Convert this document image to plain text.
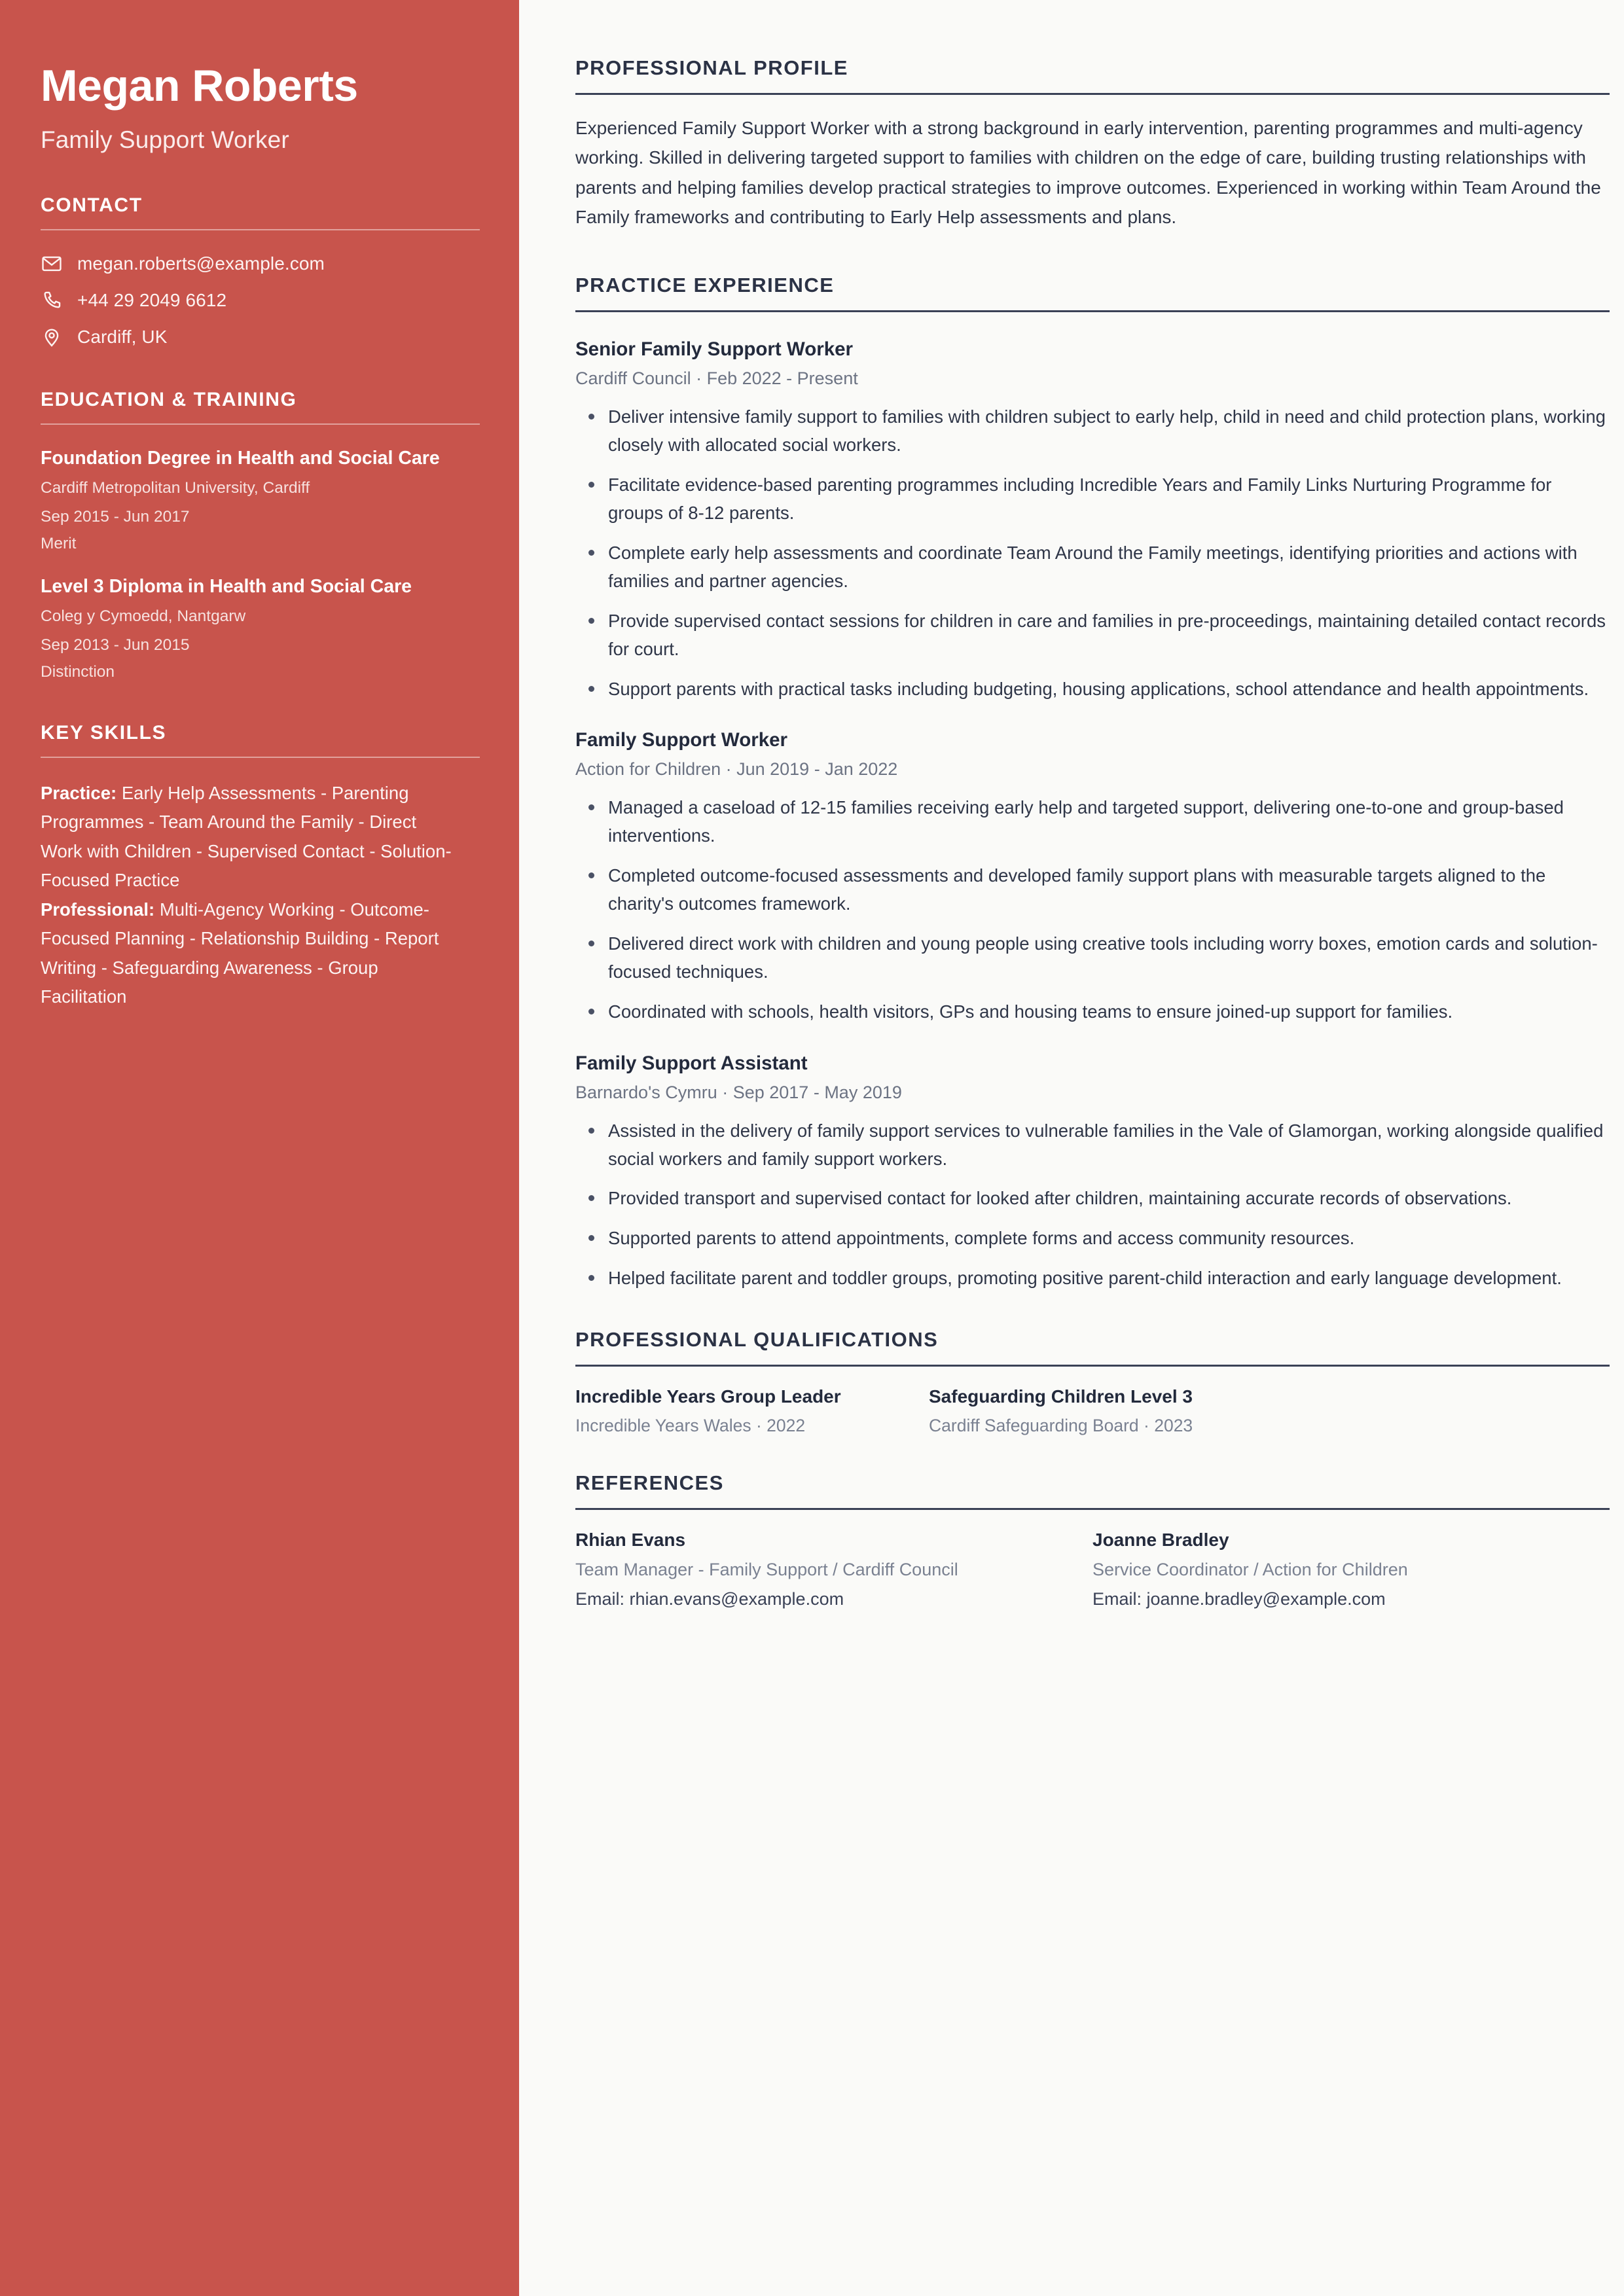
Megan Roberts
Family Support Worker
CONTACT
megan.roberts@example.com
+44 29 2049 6612
Cardiff, UK
EDUCATION & TRAINING
Foundation Degree in Health and Social Care
Cardiff Metropolitan University, Cardiff
Sep 2015 - Jun 2017
Merit
Level 3 Diploma in Health and Social Care
Coleg y Cymoedd, Nantgarw
Sep 2013 - Jun 2015
Distinction
KEY SKILLS
Practice: Early Help Assessments - Parenting Programmes - Team Around the Family - Direct Work with Children - Supervised Contact - Solution-Focused Practice
Professional: Multi-Agency Working - Outcome-Focused Planning - Relationship Building - Report Writing - Safeguarding Awareness - Group Facilitation
PROFESSIONAL PROFILE

Experienced Family Support Worker with a strong background in early intervention, parenting programmes and multi-agency working. Skilled in delivering targeted support to families with children on the edge of care, building trusting relationships with parents and helping families develop practical strategies to improve outcomes. Experienced in working within Team Around the Family frameworks and contributing to Early Help assessments and plans.

PRACTICE EXPERIENCE
Senior Family Support Worker
Cardiff Council · Feb 2022 - Present
Deliver intensive family support to families with children subject to early help, child in need and child protection plans, working closely with allocated social workers.
Facilitate evidence-based parenting programmes including Incredible Years and Family Links Nurturing Programme for groups of 8-12 parents.
Complete early help assessments and coordinate Team Around the Family meetings, identifying priorities and actions with families and partner agencies.
Provide supervised contact sessions for children in care and families in pre-proceedings, maintaining detailed contact records for court.
Support parents with practical tasks including budgeting, housing applications, school attendance and health appointments.
Family Support Worker
Action for Children · Jun 2019 - Jan 2022
Managed a caseload of 12-15 families receiving early help and targeted support, delivering one-to-one and group-based interventions.
Completed outcome-focused assessments and developed family support plans with measurable targets aligned to the charity's outcomes framework.
Delivered direct work with children and young people using creative tools including worry boxes, emotion cards and solution-focused techniques.
Coordinated with schools, health visitors, GPs and housing teams to ensure joined-up support for families.
Family Support Assistant
Barnardo's Cymru · Sep 2017 - May 2019
Assisted in the delivery of family support services to vulnerable families in the Vale of Glamorgan, working alongside qualified social workers and family support workers.
Provided transport and supervised contact for looked after children, maintaining accurate records of observations.
Supported parents to attend appointments, complete forms and access community resources.
Helped facilitate parent and toddler groups, promoting positive parent-child interaction and early language development.
PROFESSIONAL QUALIFICATIONS
Incredible Years Group Leader
Incredible Years Wales · 2022
Safeguarding Children Level 3
Cardiff Safeguarding Board · 2023
REFERENCES
Rhian Evans
Team Manager - Family Support / Cardiff Council
Email: rhian.evans@example.com
Joanne Bradley
Service Coordinator / Action for Children
Email: joanne.bradley@example.com
